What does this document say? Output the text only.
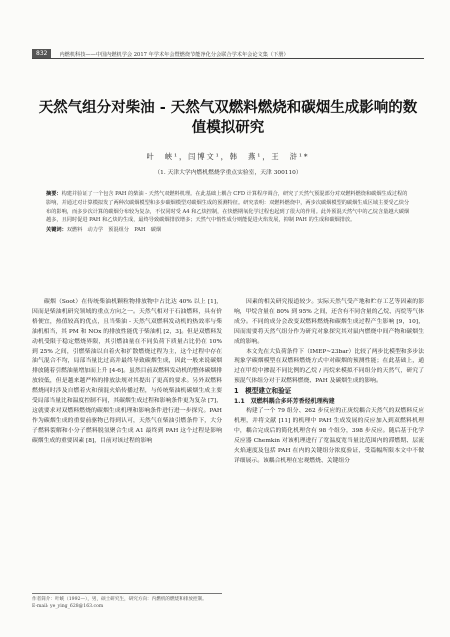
832	内燃机科技——中国内燃机学会 2017 年学术年会暨燃烧节能净化分会联合学术年会论文集（下册）
天然气组分对柴油 - 天然气双燃料燃烧和碳烟生成影响的数值模拟研究
叶　峡¹，闫博文¹，韩　燕¹，王　浒¹*
（1. 天津大学内燃机燃烧学重点实验室，天津 300110）
摘要：构建并验证了一个包含 PAH 的柴油 - 天然气双燃料机理。在此基础上耦合 CFD 计算程序调合，研究了天然气预混部分对双燃料燃烧和碳烟生成过程的影响，并通过对计算模拟发了两种次碳烟模型和多步碳烟模型对碳烟生成的预测特征。研究表明：双燃料燃烧中，两步次碳烟模型的碳烟生成区域主要受乙炔分布的影响，而多步次计算的碳烟分布较为复杂，不仅同时受 A4 和乙炔控制，在快燃期氧化学过程也起到了很大的作用。此外预混天然气中的乙烷含量越大碳烟越多，且同时促进 PAH 和乙炔的生成，最终导致碳烟排放增多；天然气中惰性成分则能促进火焰发展，抑制 PAH 的生成和碳烟排放。
关键词：双燃料　动力学　预混组分　PAH　碳烟

碳烟（Soot）在传统柴油机颗粒物排放物中占比达 40% 以上 [1]，因而是柴油机研究领域的重点方向之一。天然气相对于石油燃料，具有价格便宜，热值较高的优点，且当柴油 - 天然气双燃料发动机的热效率与柴油机相当，其 PM 和 NOx 的排放性能优于柴油机 [2，3]。但是双燃料发动机受限于稳定燃烧界限，其引燃油量在不同负荷下质量占比仍在 10% 到 25% 之间，引燃柴油以自着火和扩散燃烧过程为主，这个过程中存在油气混合不均，局部当量比过高并最终导致碳烟生成，因此一般来说碳烟排放随着引燃油量增加而上升 [4-6]。虽然目前双燃料发动机的整体碳烟排放较低，但是越来越严格的排放法规对其提出了更高的要求。另外双燃料燃烧同时涉及自燃着火和预混火焰传播过程，与传统柴油机碳烟生成主要受局部当量比和温度控制不同，其碳烟生成过程和影响条件更为复杂 [7]，这就要求对双燃料燃烧的碳烟生成机理和影响条件进行进一步探究。PAH 作为碳烟生成的重要前驱物已得到认可，天然气在柴油引燃条件下，大分子燃料裂解和小分子燃料脱氢聚合生成 A1 最终到 PAH 这个过程是影响碳烟生成的重要因素 [8]，目前对该过程的影响

作者简介：叶峡（1992—），男，硕士研究生，研究方向：内燃机的燃烧和排放控制。
E-mail: ye_ying_628@163.com

因素的相关研究报道较少。实际天然气受产地和贮存工艺等因素的影响，甲烷含量在 80% 到 95% 之间，还含有不同含量的乙烷、丙烷等气体成分。不同的成分会改变双燃料燃烧和碳烟生成过程产生影响 [9，10]，因而需要将天然气组分作为研究对象探究其对鼠内燃烧中间产物和碳烟生成的影响。

本文先在大负荷条件下（IMEP~23bar）比较了两步比模型和多步法现象学碳烟模型在双燃料燃烧方式中对碳烟的预测性能；在此基础上，通过在甲烷中掺混不同比例的乙烷 / 丙烷来模拟不同组分的天然气，研究了预混气体组分对于双燃料燃烧、PAH 及碳烟生成的影响。

1　模型建立和验证

1.1　双燃料耦合多环芳香烃机理构建

构建了一个 79 组分、262 步反应的正庚烷耦合天然气的双燃料反应机理，并将文献 [11] 的机理中 PAH 生成发展的反应加入到双燃料机理中，耦合完成后的简化机理含有 98 个组分，398 步反应。随后基于化学反应器 Chemkin 对该机理进行了宽温度宽当量比范围内的滞燃期、层流火焰速度及包括 PAH 在内的关键组分浓度验证，受篇幅所限本文中不做详细展示。该耦合机理在宏观燃烧、关键组分
